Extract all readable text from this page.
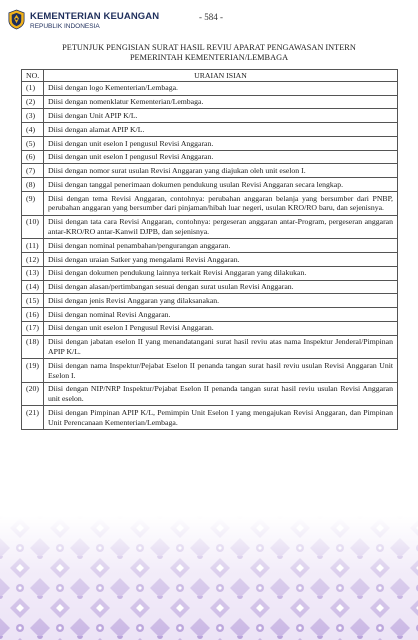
KEMENTERIAN KEUANGAN
REPUBLIK INDONESIA
- 584 -
PETUNJUK PENGISIAN SURAT HASIL REVIU APARAT PENGAWASAN INTERN
PEMERINTAH KEMENTERIAN/LEMBAGA
NO.	URAIAN ISIAN
(1)	Diisi dengan logo Kementerian/Lembaga.
(2)	Diisi dengan nomenklatur Kementerian/Lembaga.
(3)	Diisi dengan Unit APIP K/L.
(4)	Diisi dengan alamat APIP K/L.
(5)	Diisi dengan unit eselon I pengusul Revisi Anggaran.
(6)	Diisi dengan unit eselon I pengusul Revisi Anggaran.
(7)	Diisi dengan nomor surat usulan Revisi Anggaran yang diajukan oleh unit eselon I.
(8)	Diisi dengan tanggal penerimaan dokumen pendukung usulan Revisi Anggaran secara lengkap.
(9)	Diisi dengan tema Revisi Anggaran, contohnya: perubahan anggaran belanja yang bersumber dari PNBP, perubahan anggaran yang bersumber dari pinjaman/hibah luar negeri, usulan KRO/RO baru, dan sejenisnya.
(10)	Diisi dengan tata cara Revisi Anggaran, contohnya: pergeseran anggaran antar-Program, pergeseran anggaran antar-KRO/RO antar-Kanwil DJPB, dan sejenisnya.
(11)	Diisi dengan nominal penambahan/pengurangan anggaran.
(12)	Diisi dengan uraian Satker yang mengalami Revisi Anggaran.
(13)	Diisi dengan dokumen pendukung lainnya terkait Revisi Anggaran yang dilakukan.
(14)	Diisi dengan alasan/pertimbangan sesuai dengan surat usulan Revisi Anggaran.
(15)	Diisi dengan jenis Revisi Anggaran yang dilaksanakan.
(16)	Diisi dengan nominal Revisi Anggaran.
(17)	Diisi dengan unit eselon I Pengusul Revisi Anggaran.
(18)	Diisi dengan jabatan eselon II yang menandatangani surat hasil reviu atas nama Inspektur Jenderal/Pimpinan APIP K/L.
(19)	Diisi dengan nama Inspektur/Pejabat Eselon II penanda tangan surat hasil reviu usulan Revisi Anggaran Unit Eselon I.
(20)	Diisi dengan NIP/NRP Inspektur/Pejabat Eselon II penanda tangan surat hasil reviu usulan Revisi Anggaran unit eselon.
(21)	Diisi dengan Pimpinan APIP K/L, Pemimpin Unit Eselon I yang mengajukan Revisi Anggaran, dan Pimpinan Unit Perencanaan Kementerian/Lembaga.
